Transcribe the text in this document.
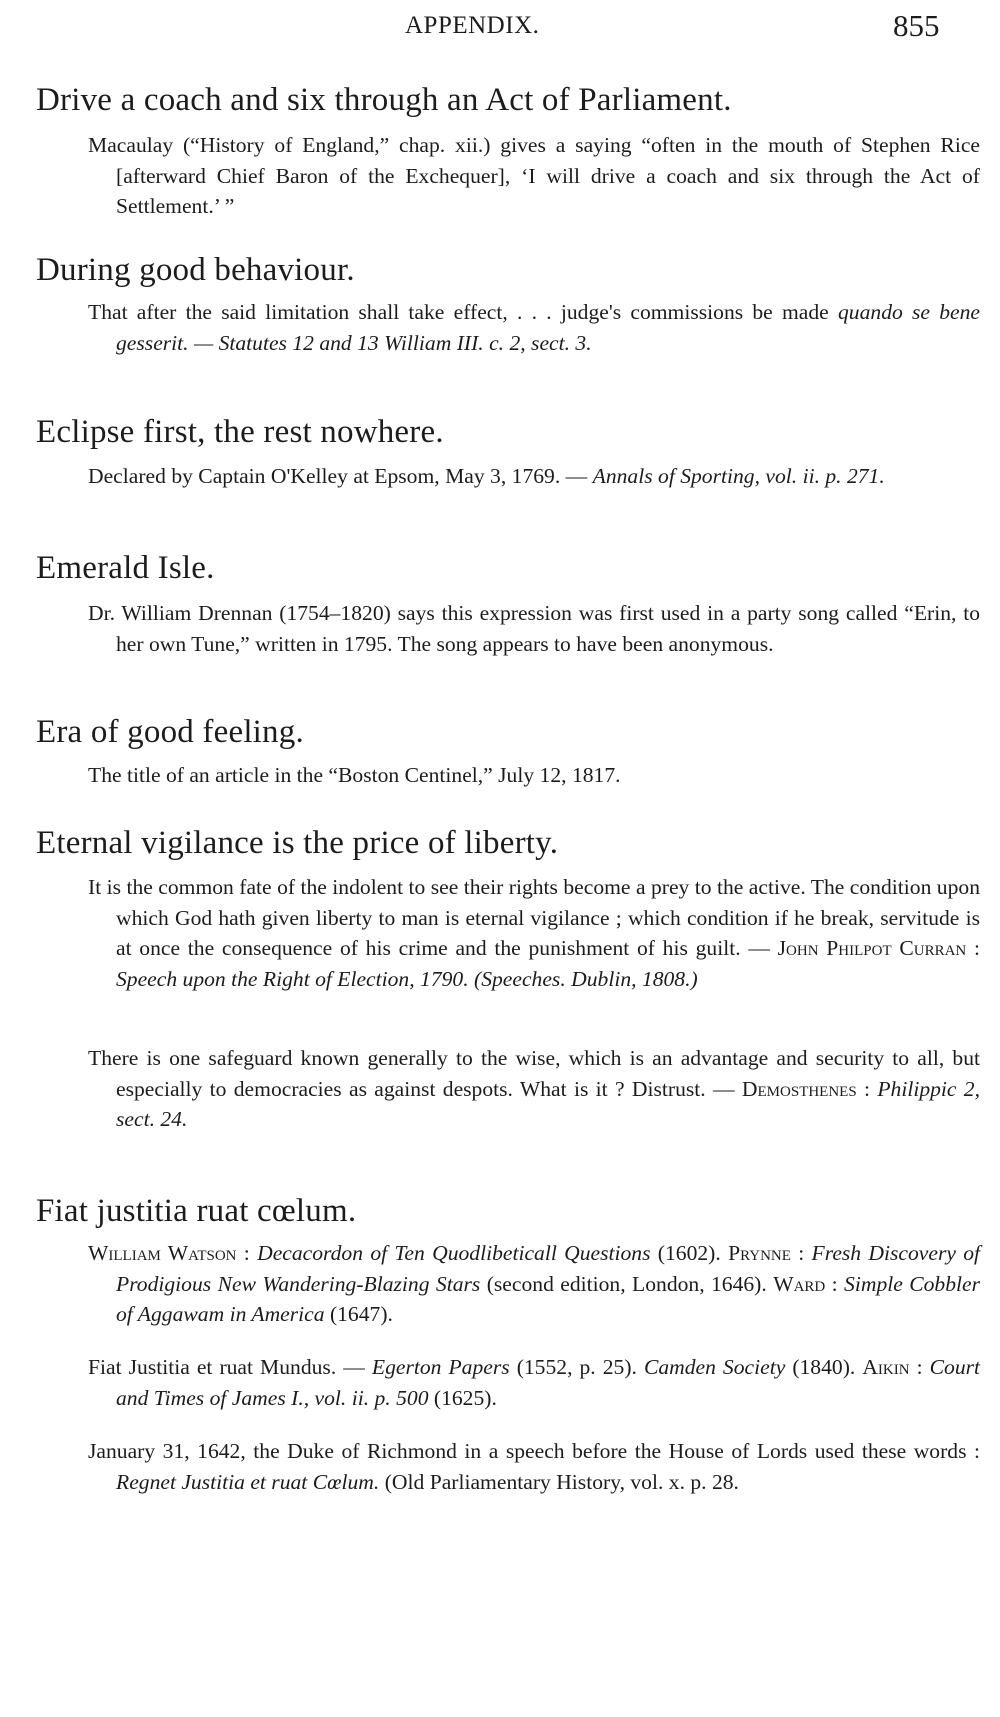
APPENDIX.	855
Drive a coach and six through an Act of Parliament.
Macaulay (“History of England,” chap. xii.) gives a saying “often in the mouth of Stephen Rice [afterward Chief Baron of the Exchequer], ‘I will drive a coach and six through the Act of Settlement.’ ”
During good behaviour.
That after the said limitation shall take effect, . . . judge's commissions be made quando se bene gesserit. — Statutes 12 and 13 William III. c. 2, sect. 3.
Eclipse first, the rest nowhere.
Declared by Captain O'Kelley at Epsom, May 3, 1769. — Annals of Sporting, vol. ii. p. 271.
Emerald Isle.
Dr. William Drennan (1754–1820) says this expression was first used in a party song called “Erin, to her own Tune,” written in 1795. The song appears to have been anonymous.
Era of good feeling.
The title of an article in the “Boston Centinel,” July 12, 1817.
Eternal vigilance is the price of liberty.
It is the common fate of the indolent to see their rights become a prey to the active. The condition upon which God hath given liberty to man is eternal vigilance ; which condition if he break, servitude is at once the consequence of his crime and the punishment of his guilt. — John Philpot Curran : Speech upon the Right of Election, 1790. (Speeches. Dublin, 1808.)
There is one safeguard known generally to the wise, which is an advantage and security to all, but especially to democracies as against despots. What is it ? Distrust. — Demosthenes : Philippic 2, sect. 24.
Fiat justitia ruat cœlum.
William Watson : Decacordon of Ten Quodlibeticall Questions (1602). Prynne : Fresh Discovery of Prodigious New Wandering-Blazing Stars (second edition, London, 1646). Ward : Simple Cobbler of Aggawam in America (1647).
Fiat Justitia et ruat Mundus. — Egerton Papers (1552, p. 25). Camden Society (1840). Aikin : Court and Times of James I., vol. ii. p. 500 (1625).
January 31, 1642, the Duke of Richmond in a speech before the House of Lords used these words : Regnet Justitia et ruat Cœlum. (Old Parliamentary History, vol. x. p. 28.
